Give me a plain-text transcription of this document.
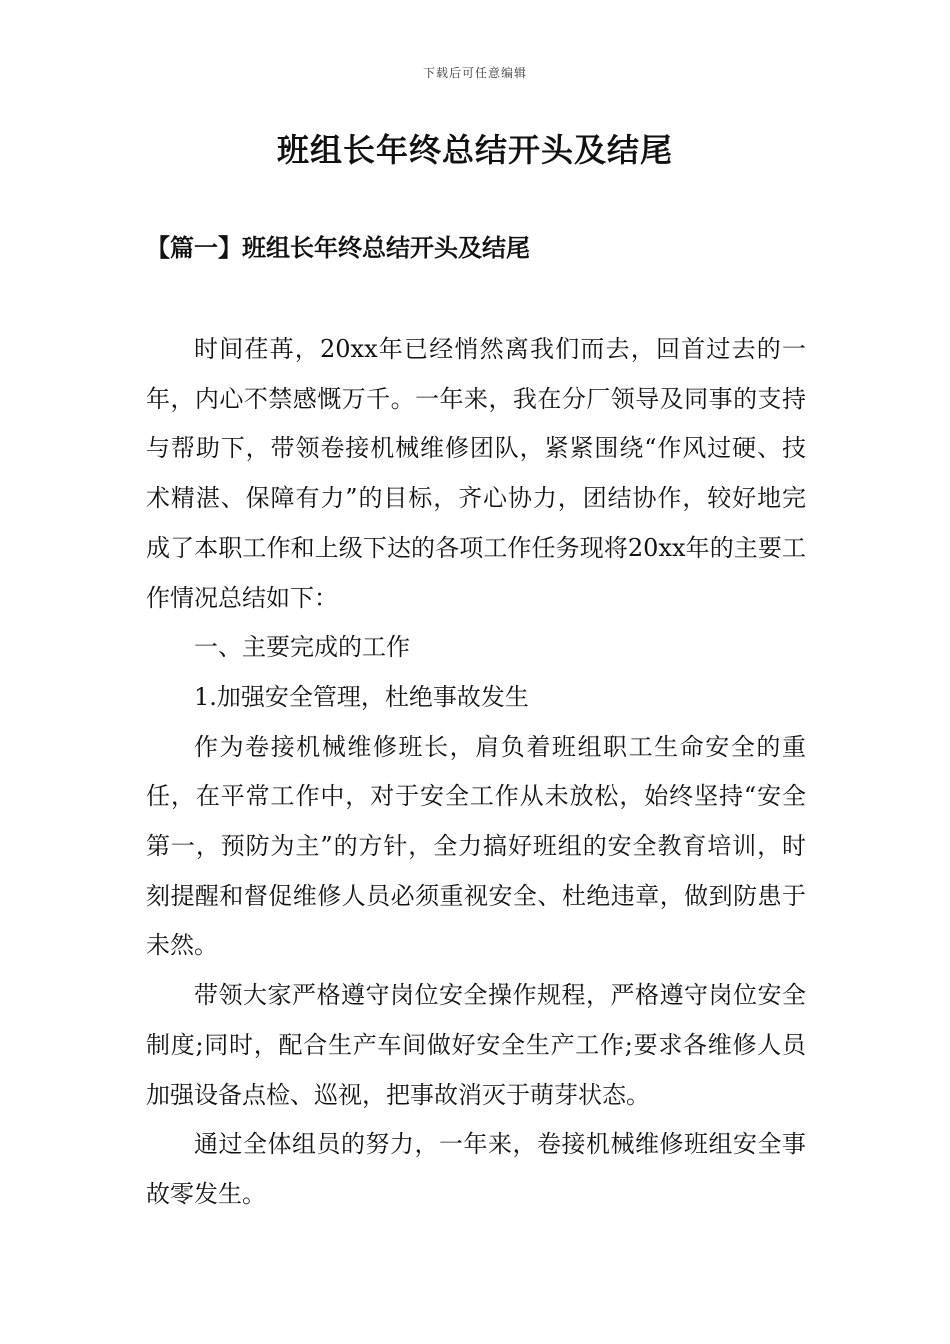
下载后可任意编辑
班组长年终总结开头及结尾
【篇一】班组长年终总结开头及结尾

时间荏苒，20xx年已经悄然离我们而去，回首过去的一年，内心不禁感慨万千。一年来，我在分厂领导及同事的支持与帮助下，带领卷接机械维修团队，紧紧围绕“作风过硬、技术精湛、保障有力”的目标，齐心协力，团结协作，较好地完成了本职工作和上级下达的各项工作任务现将20xx年的主要工作情况总结如下：

一、主要完成的工作

1.加强安全管理，杜绝事故发生

作为卷接机械维修班长，肩负着班组职工生命安全的重任，在平常工作中，对于安全工作从未放松，始终坚持“安全第一，预防为主”的方针，全力搞好班组的安全教育培训，时刻提醒和督促维修人员必须重视安全、杜绝违章，做到防患于未然。

带领大家严格遵守岗位安全操作规程，严格遵守岗位安全制度;同时，配合生产车间做好安全生产工作;要求各维修人员加强设备点检、巡视，把事故消灭于萌芽状态。

通过全体组员的努力，一年来，卷接机械维修班组安全事故零发生。
